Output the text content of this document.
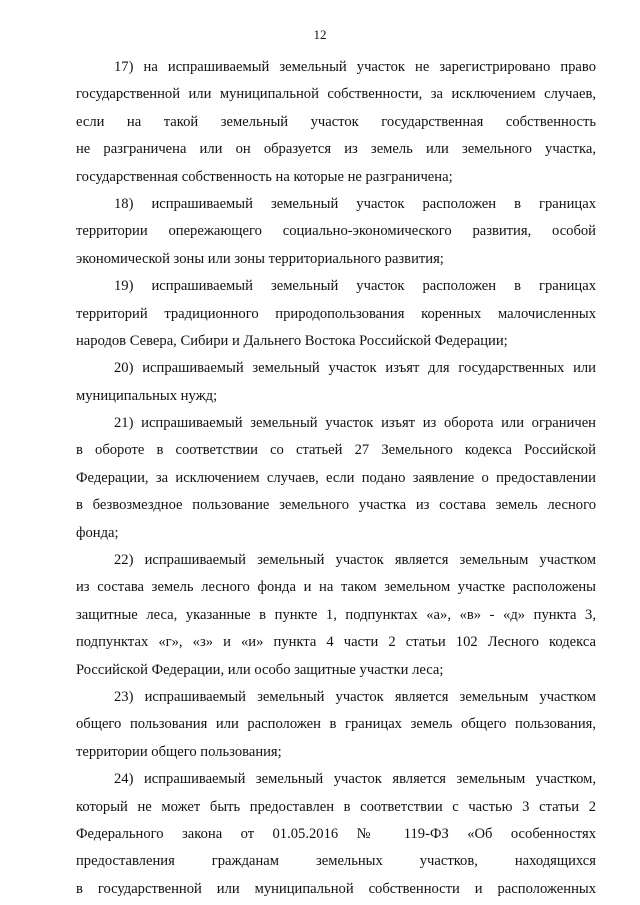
12

17) на испрашиваемый земельный участок не зарегистрировано право
государственной или муниципальной собственности, за исключением случаев,
если на такой земельный участок государственная собственность
не разграничена или он образуется из земель или земельного участка,
государственная собственность на которые не разграничена;

18) испрашиваемый земельный участок расположен в границах
территории опережающего социально-экономического развития, особой
экономической зоны или зоны территориального развития;

19) испрашиваемый земельный участок расположен в границах
территорий традиционного природопользования коренных малочисленных
народов Севера, Сибири и Дальнего Востока Российской Федерации;

20) испрашиваемый земельный участок изъят для государственных или
муниципальных нужд;

21) испрашиваемый земельный участок изъят из оборота или ограничен
в обороте в соответствии со статьей 27 Земельного кодекса Российской
Федерации, за исключением случаев, если подано заявление о предоставлении
в безвозмездное пользование земельного участка из состава земель лесного
фонда;

22) испрашиваемый земельный участок является земельным участком
из состава земель лесного фонда и на таком земельном участке расположены
защитные леса, указанные в пункте 1, подпунктах «а», «в» - «д» пункта 3,
подпунктах «г», «з» и «и» пункта 4 части 2 статьи 102 Лесного кодекса
Российской Федерации, или особо защитные участки леса;

23) испрашиваемый земельный участок является земельным участком
общего пользования или расположен в границах земель общего пользования,
территории общего пользования;

24) испрашиваемый земельный участок является земельным участком,
который не может быть предоставлен в соответствии с частью 3 статьи 2
Федерального закона от 01.05.2016 № 119-ФЗ «Об особенностях
предоставления гражданам земельных участков, находящихся
в государственной или муниципальной собственности и расположенных
